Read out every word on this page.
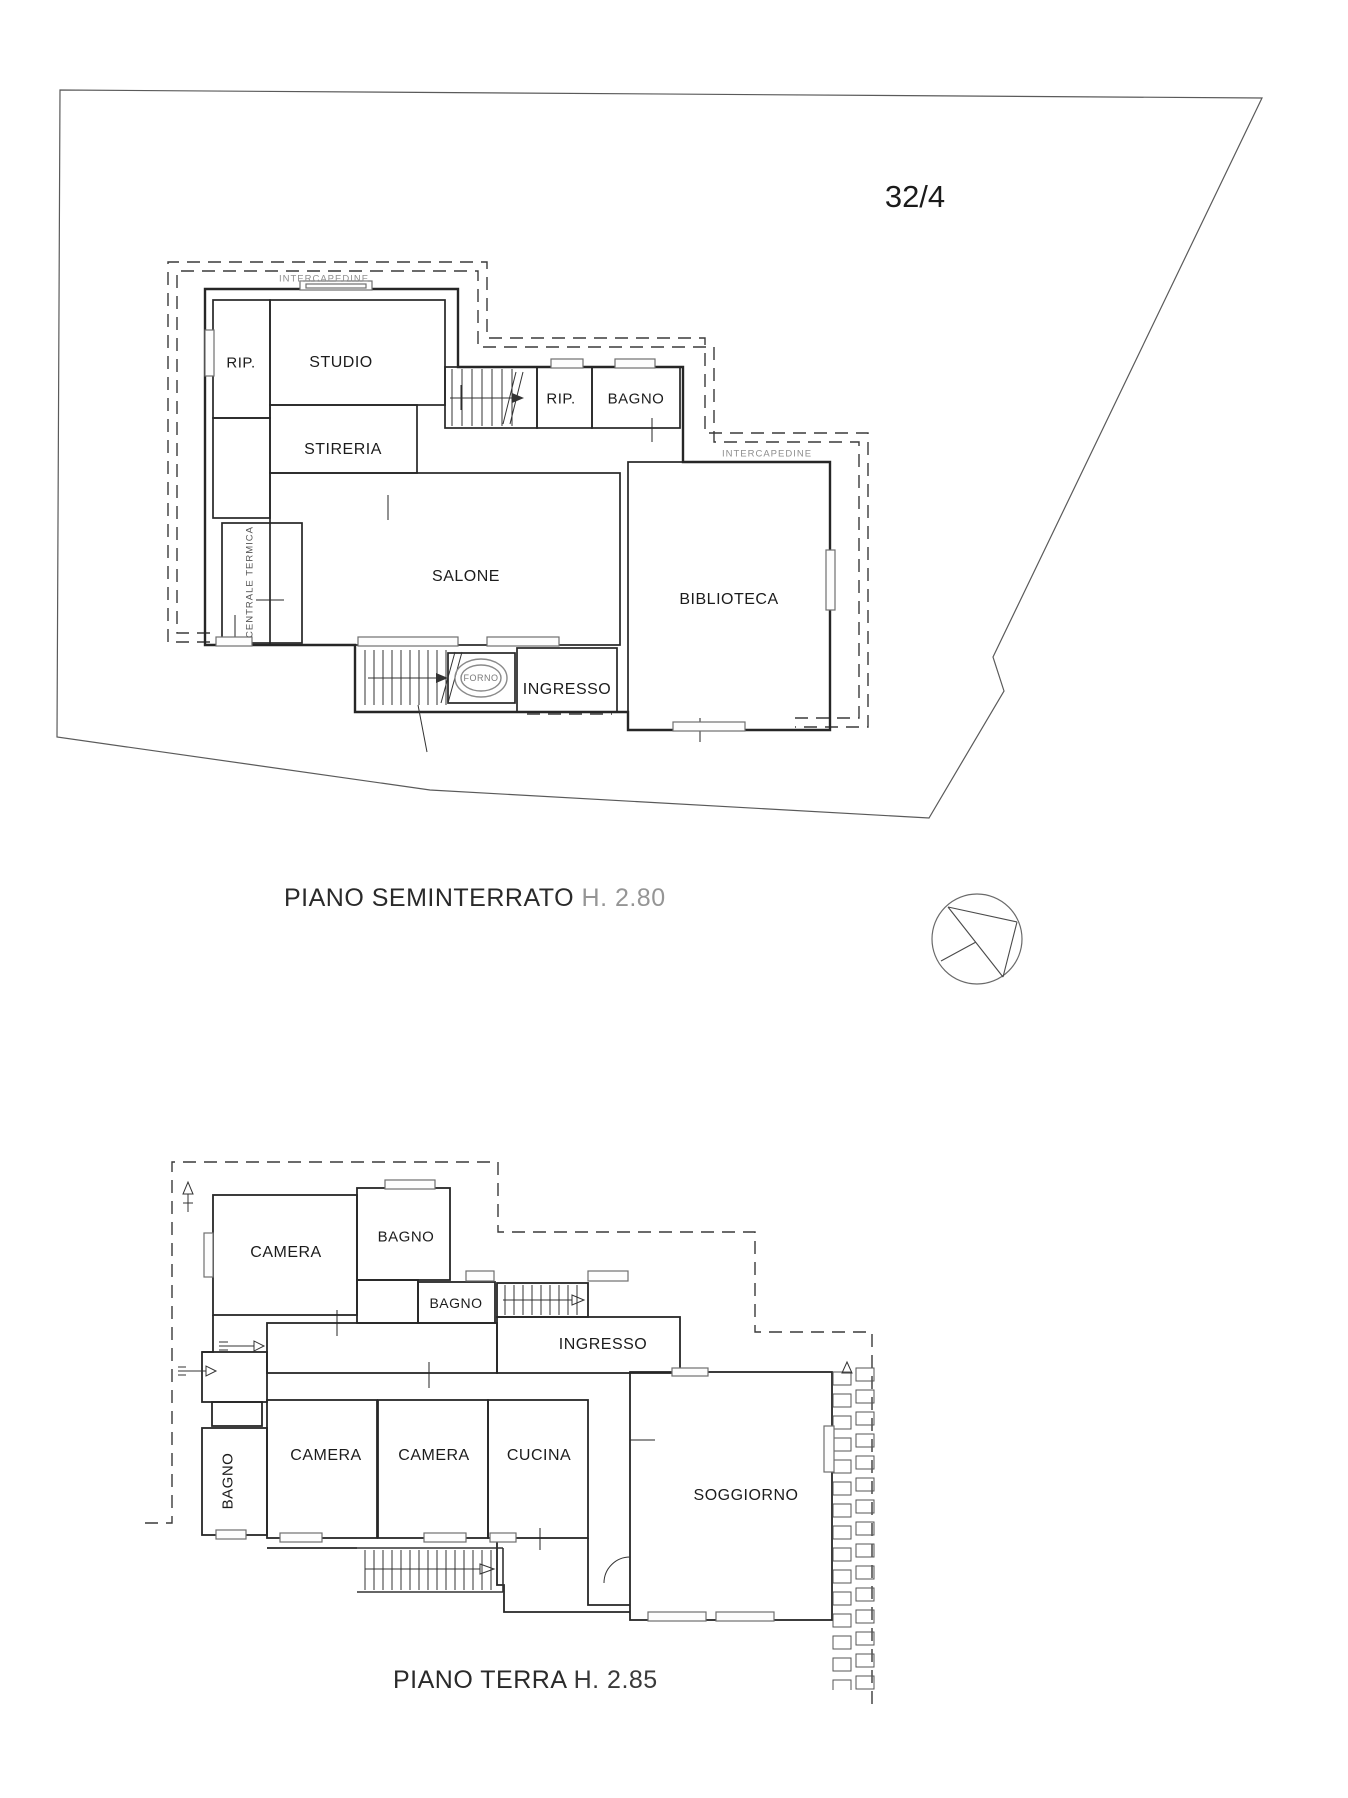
32/4
INTERCAPEDINE
INTERCAPEDINE
RIP.	STUDIO
STIRERIA
RIP. BAGNO
SALONE
CENTRALE TERMICA	BIBLIOTECA
INGRESSO
FORNO
PIANO SEMINTERRATO H. 2.80
CAMERA
BAGNO
BAGNO
INGRESSO
BAGNO	CAMERA CAMERA CUCINA
SOGGIORNO
PIANO TERRA H. 2.85
